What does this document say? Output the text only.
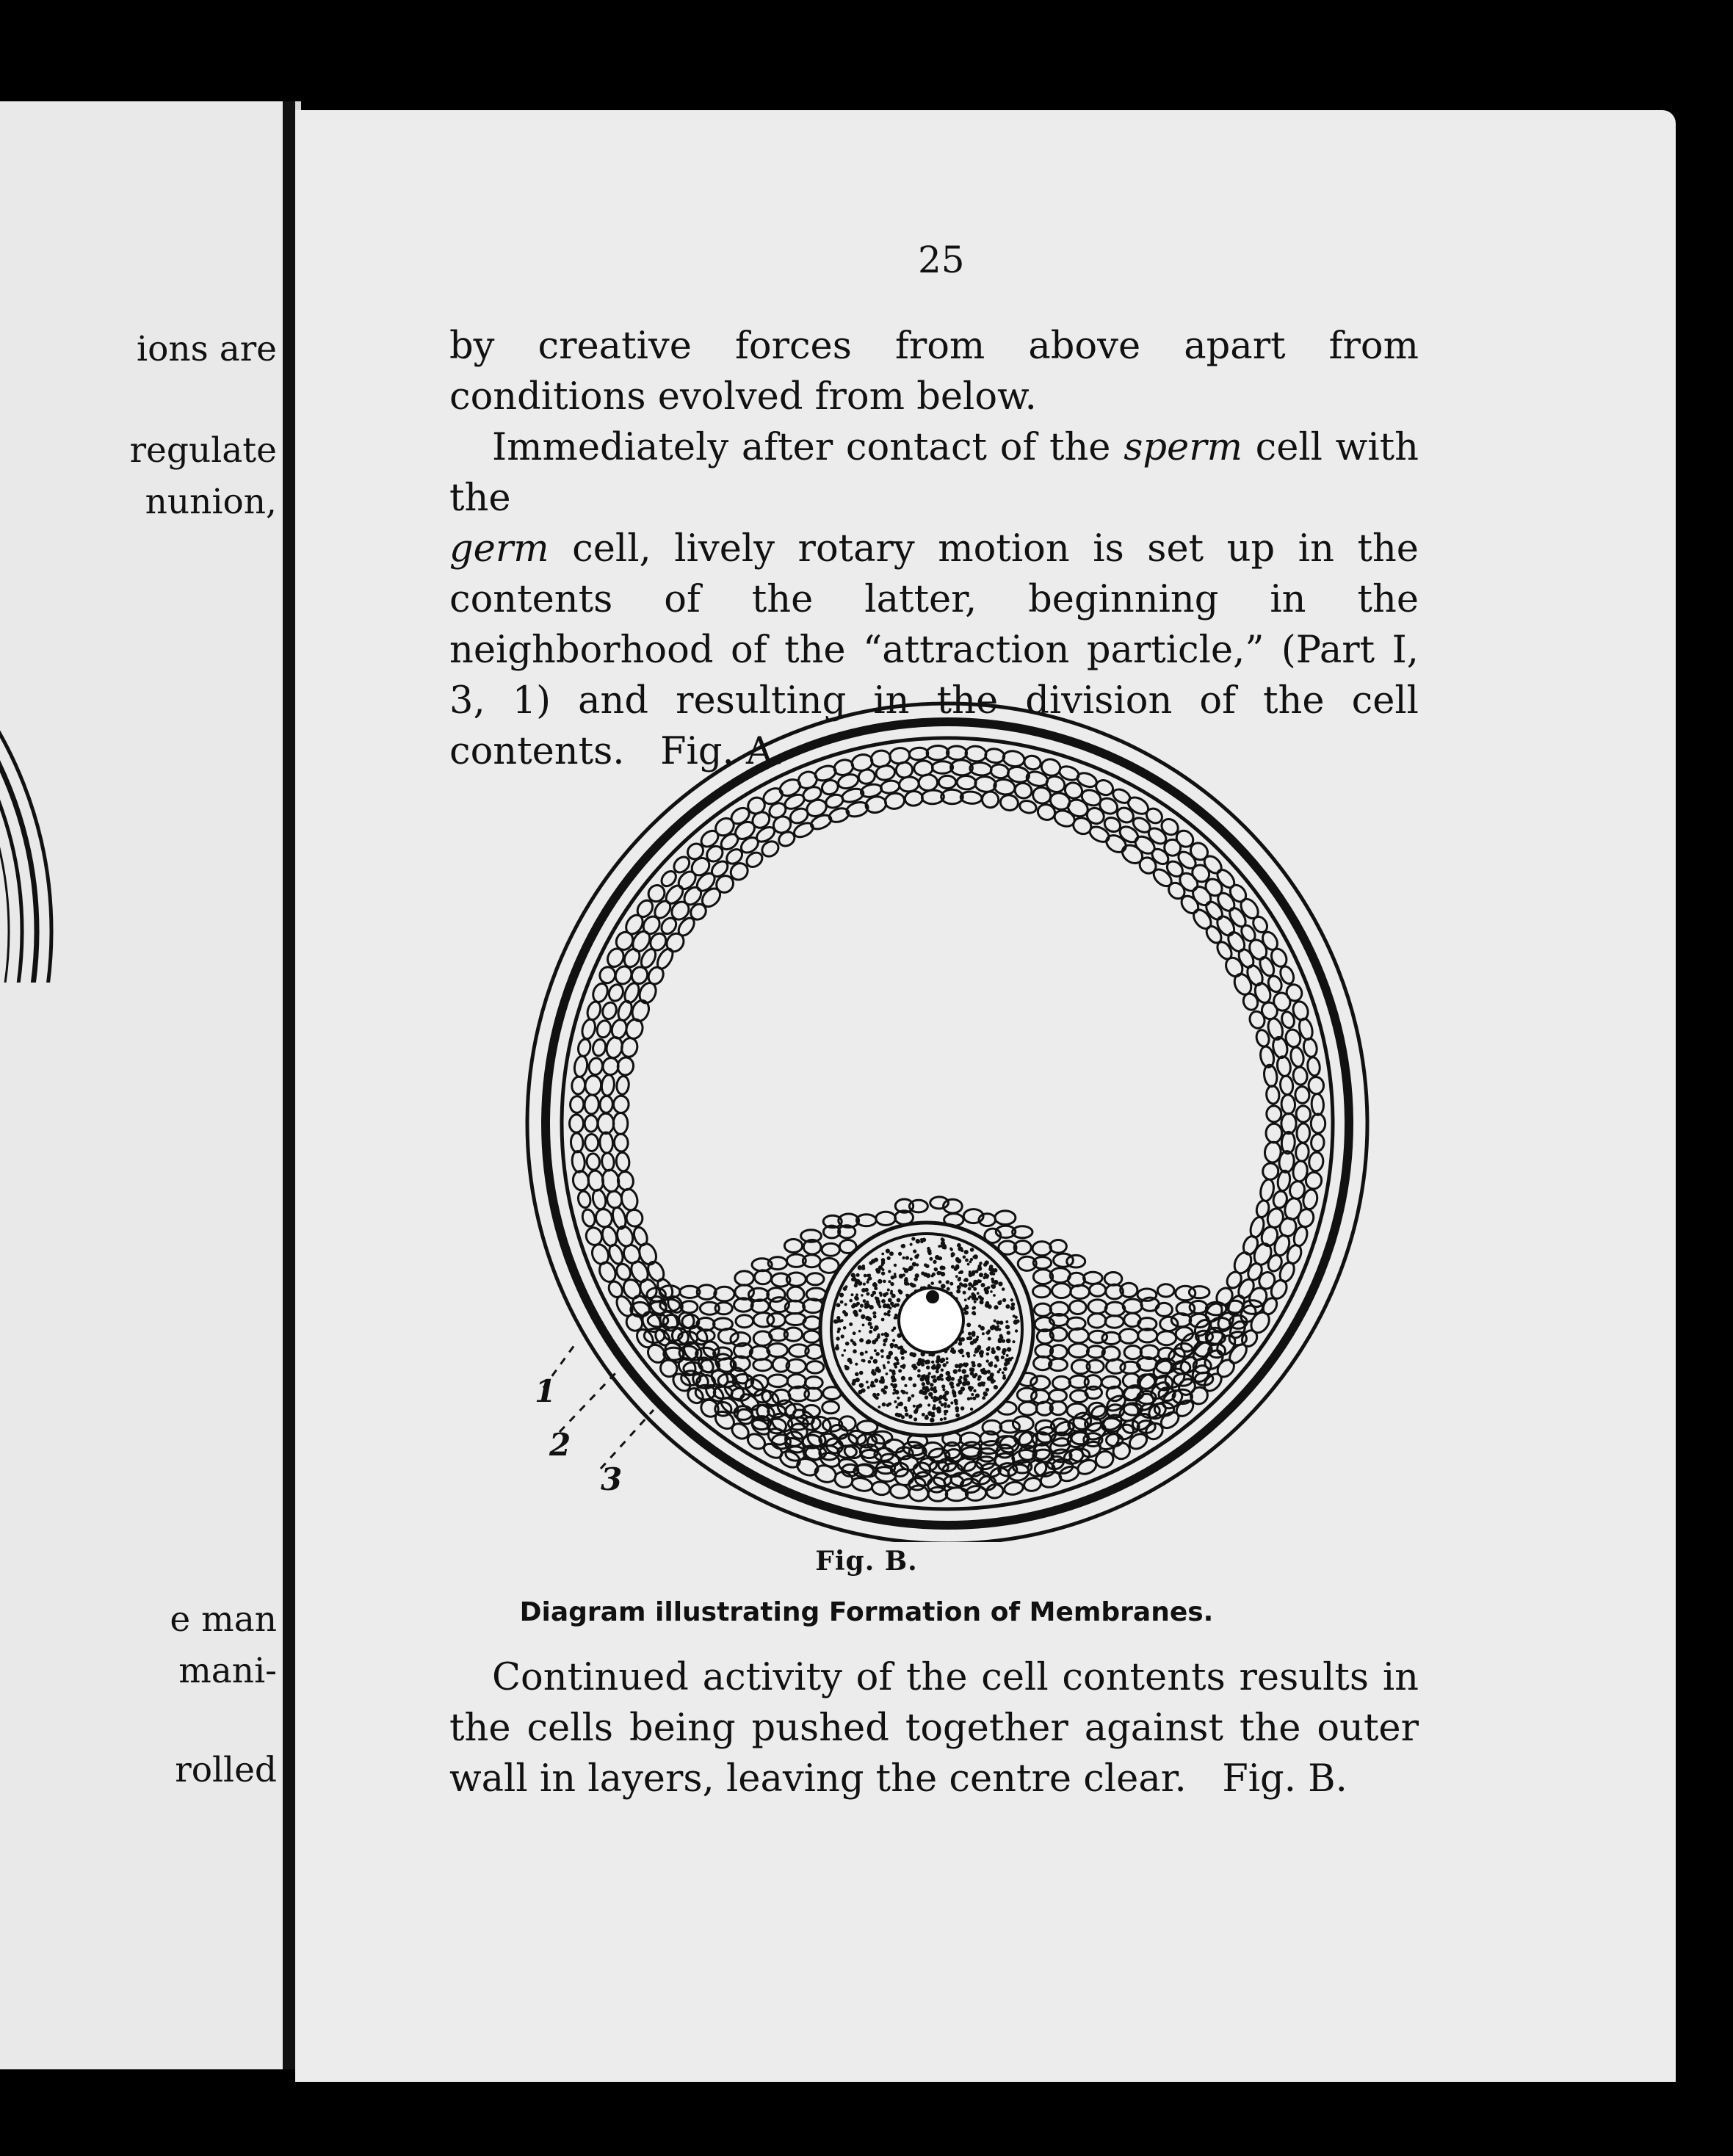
ions are
regulate
nunion,
e man
mani-
rolled
25

by creative forces from above apart from conditions evolved from below.

Immediately after contact of the sperm cell with the
germ cell, lively rotary motion is set up in the contents of the latter, beginning in the neighborhood of the “attraction particle,” (Part I, 3, 1) and resulting in the division of the cell contents.   Fig. A.

1
2
3
Fig. B.
Diagram illustrating Formation of Membranes.

Continued activity of the cell contents results in the cells being pushed together against the outer wall in layers, leaving the centre clear.   Fig. B.
